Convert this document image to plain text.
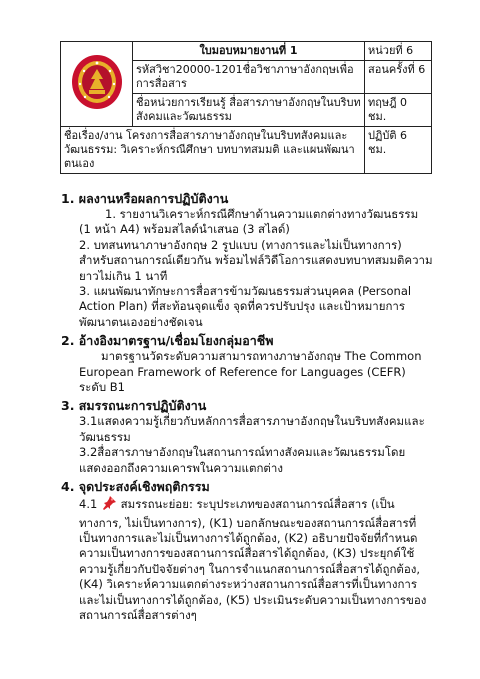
	ใบมอบหมายงานที่ 1	หน่วยที่ 6
	รหัสวิชา20000-1201ชื่อวิชาภาษาอังกฤษเพื่อการสื่อสาร	สอนครั้งที่ 6
	ชื่อหน่วยการเรียนรู้ สื่อสารภาษาอังกฤษในบริบทสังคมและวัฒนธรรม	ทฤษฎี 0 ชม.
ชื่อเรื่อง/งาน โครงการสื่อสารภาษาอังกฤษในบริบทสังคมและวัฒนธรรม: วิเคราะห์กรณีศึกษา บทบาทสมมติ และแผนพัฒนาตนเอง		ปฏิบัติ 6 ชม.
1. ผลงานหรือผลการปฏิบัติงาน

1. รายงานวิเคราะห์กรณีศึกษาด้านความแตกต่างทางวัฒนธรรม (1 หน้า A4) พร้อมสไลด์นำเสนอ (3 สไลด์)

2. บทสนทนาภาษาอังกฤษ 2 รูปแบบ (ทางการและไม่เป็นทางการ) สำหรับสถานการณ์เดียวกัน พร้อมไฟล์วิดีโอการแสดงบทบาทสมมติความยาวไม่เกิน 1 นาที

3. แผนพัฒนาทักษะการสื่อสารข้ามวัฒนธรรมส่วนบุคคล (Personal Action Plan) ที่สะท้อนจุดแข็ง จุดที่ควรปรับปรุง และเป้าหมายการพัฒนาตนเองอย่างชัดเจน

2. อ้างอิงมาตรฐาน/เชื่อมโยงกลุ่มอาชีพ

มาตรฐานวัดระดับความสามารถทางภาษาอังกฤษ The Common European Framework of Reference for Languages (CEFR) ระดับ B1

3. สมรรถนะการปฏิบัติงาน

3.1แสดงความรู้เกี่ยวกับหลักการสื่อสารภาษาอังกฤษในบริบทสังคมและวัฒนธรรม

3.2สื่อสารภาษาอังกฤษในสถานการณ์ทางสังคมและวัฒนธรรมโดยแสดงออกถึงความเคารพในความแตกต่าง

4. จุดประสงค์เชิงพฤติกรรม

4.1 สมรรถนะย่อย: ระบุประเภทของสถานการณ์สื่อสาร (เป็นทางการ, ไม่เป็นทางการ), (K1) บอกลักษณะของสถานการณ์สื่อสารที่เป็นทางการและไม่เป็นทางการได้ถูกต้อง, (K2) อธิบายปัจจัยที่กำหนดความเป็นทางการของสถานการณ์สื่อสารได้ถูกต้อง, (K3) ประยุกต์ใช้ความรู้เกี่ยวกับปัจจัยต่างๆ ในการจำแนกสถานการณ์สื่อสารได้ถูกต้อง, (K4) วิเคราะห์ความแตกต่างระหว่างสถานการณ์สื่อสารที่เป็นทางการและไม่เป็นทางการได้ถูกต้อง, (K5) ประเมินระดับความเป็นทางการของสถานการณ์สื่อสารต่างๆ
